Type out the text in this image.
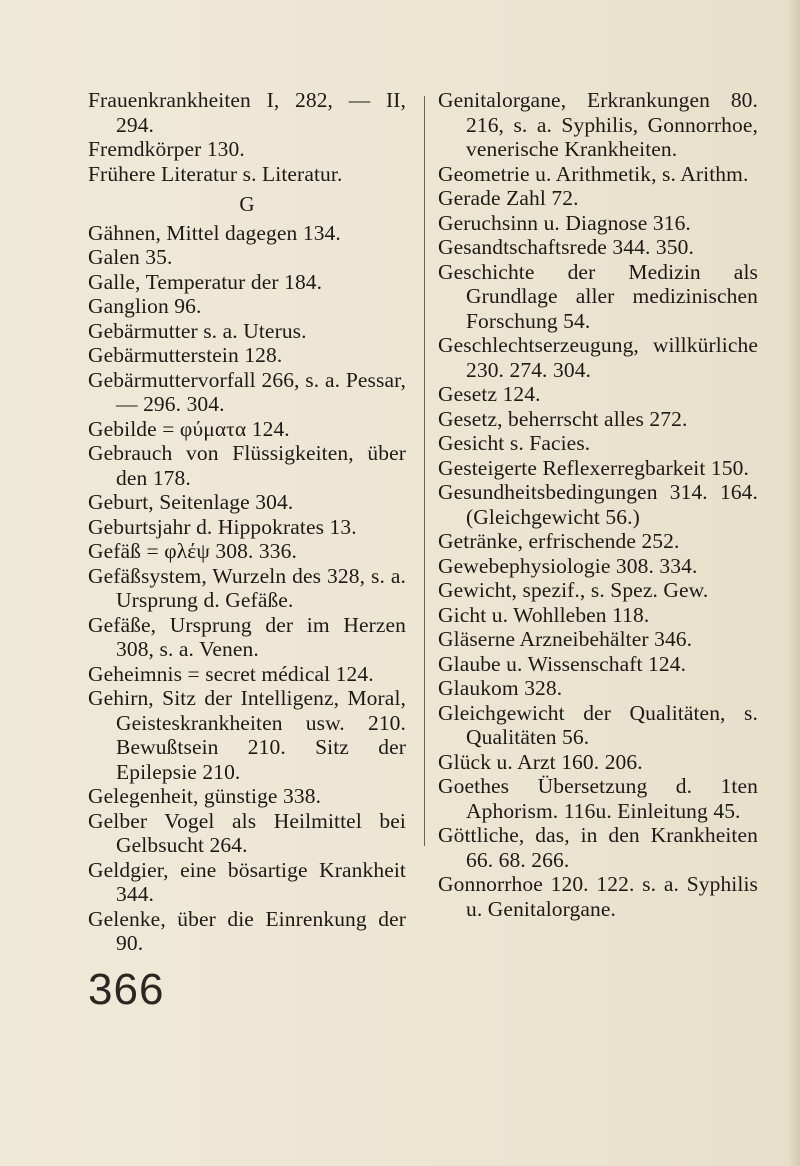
Frauenkrankheiten I, 282, — II, 294.

Fremdkörper 130.

Frühere Literatur s. Literatur.

G

Gähnen, Mittel dagegen 134.

Galen 35.

Galle, Temperatur der 184.

Ganglion 96.

Gebärmutter s. a. Uterus.

Gebärmutterstein 128.

Gebärmuttervorfall 266, s. a. Pessar, — 296. 304.

Gebilde = φύματα 124.

Gebrauch von Flüssigkeiten, über den 178.

Geburt, Seitenlage 304.

Geburtsjahr d. Hippokrates 13.

Gefäß = φλέψ 308. 336.

Gefäßsystem, Wurzeln des 328, s. a. Ursprung d. Gefäße.

Gefäße, Ursprung der im Herzen 308, s. a. Venen.

Geheimnis = secret médical 124.

Gehirn, Sitz der Intelligenz, Moral, Geisteskrankheiten usw. 210. Bewußtsein 210. Sitz der Epilepsie 210.

Gelegenheit, günstige 338.

Gelber Vogel als Heilmittel bei Gelbsucht 264.

Geldgier, eine bösartige Krankheit 344.

Gelenke, über die Einrenkung der 90.

Genitalorgane, Erkrankungen 80. 216, s. a. Syphilis, Gonnorrhoe, venerische Krankheiten.

Geometrie u. Arithmetik, s. Arithm.

Gerade Zahl 72.

Geruchsinn u. Diagnose 316.

Gesandtschaftsrede 344. 350.

Geschichte der Medizin als Grundlage aller medizinischen Forschung 54.

Geschlechtserzeugung, willkürliche 230. 274. 304.

Gesetz 124.

Gesetz, beherrscht alles 272.

Gesicht s. Facies.

Gesteigerte Reflexerregbarkeit 150.

Gesundheitsbedingungen 314. 164. (Gleichgewicht 56.)

Getränke, erfrischende 252.

Gewebephysiologie 308. 334.

Gewicht, spezif., s. Spez. Gew.

Gicht u. Wohlleben 118.

Gläserne Arzneibehälter 346.

Glaube u. Wissenschaft 124.

Glaukom 328.

Gleichgewicht der Qualitäten, s. Qualitäten 56.

Glück u. Arzt 160. 206.

Goethes Übersetzung d. 1ten Aphorism. 116u. Einleitung 45.

Göttliche, das, in den Krankheiten 66. 68. 266.

Gonnorrhoe 120. 122. s. a. Syphilis u. Genitalorgane.

366
